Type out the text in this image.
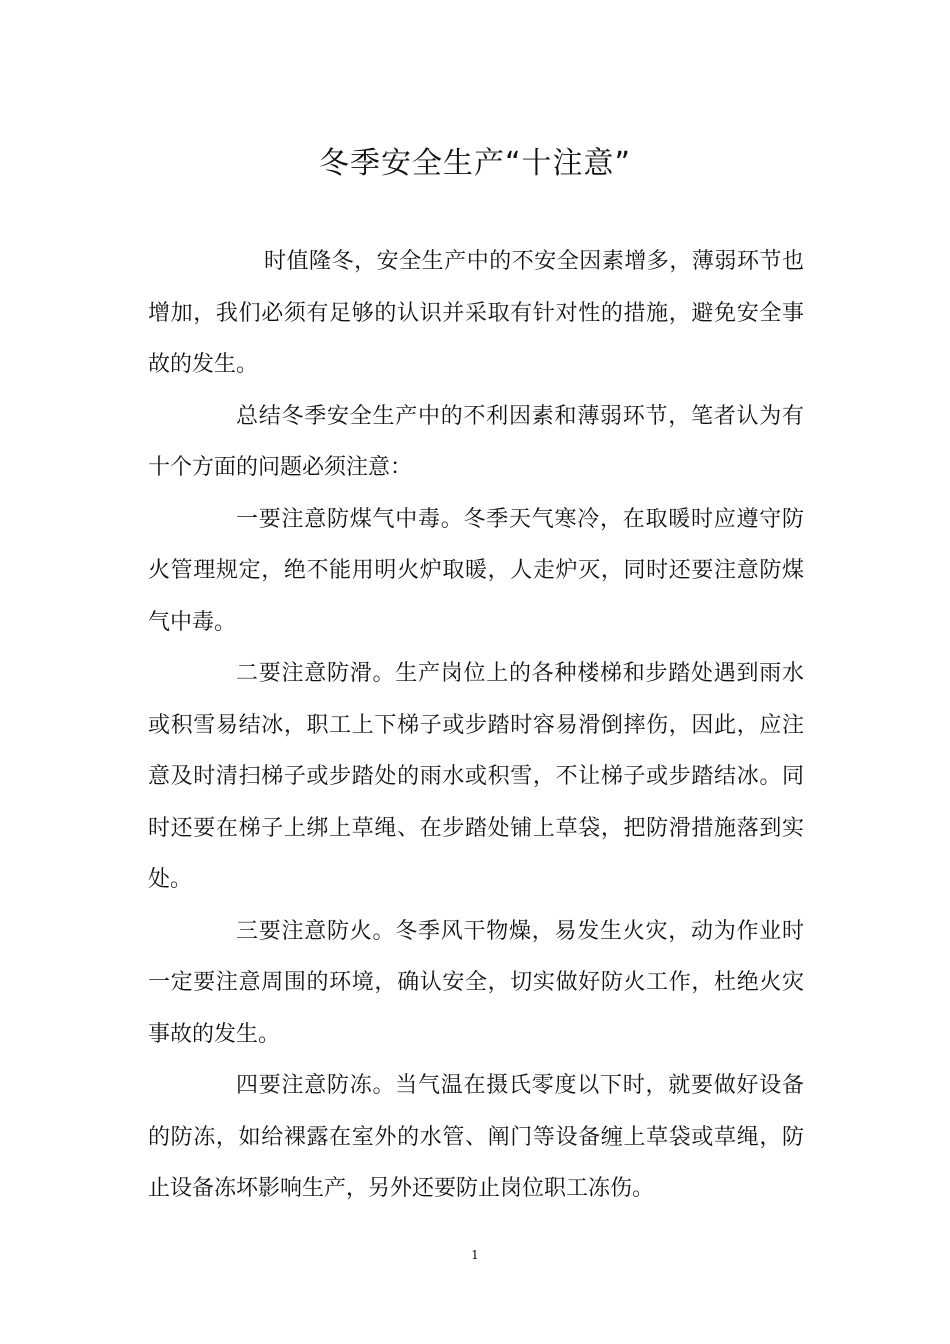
冬季安全生产“十注意”

时值隆冬，安全生产中的不安全因素增多，薄弱环节也增加，我们必须有足够的认识并采取有针对性的措施，避免安全事故的发生。

总结冬季安全生产中的不利因素和薄弱环节，笔者认为有十个方面的问题必须注意：

一要注意防煤气中毒。冬季天气寒冷，在取暖时应遵守防火管理规定，绝不能用明火炉取暖，人走炉灭，同时还要注意防煤气中毒。

二要注意防滑。生产岗位上的各种楼梯和步踏处遇到雨水或积雪易结冰，职工上下梯子或步踏时容易滑倒摔伤，因此，应注意及时清扫梯子或步踏处的雨水或积雪，不让梯子或步踏结冰。同时还要在梯子上绑上草绳、在步踏处铺上草袋，把防滑措施落到实处。

三要注意防火。冬季风干物燥，易发生火灾，动为作业时一定要注意周围的环境，确认安全，切实做好防火工作，杜绝火灾事故的发生。

四要注意防冻。当气温在摄氏零度以下时，就要做好设备的防冻，如给裸露在室外的水管、阐门等设备缠上草袋或草绳，防止设备冻坏影响生产，另外还要防止岗位职工冻伤。

1
